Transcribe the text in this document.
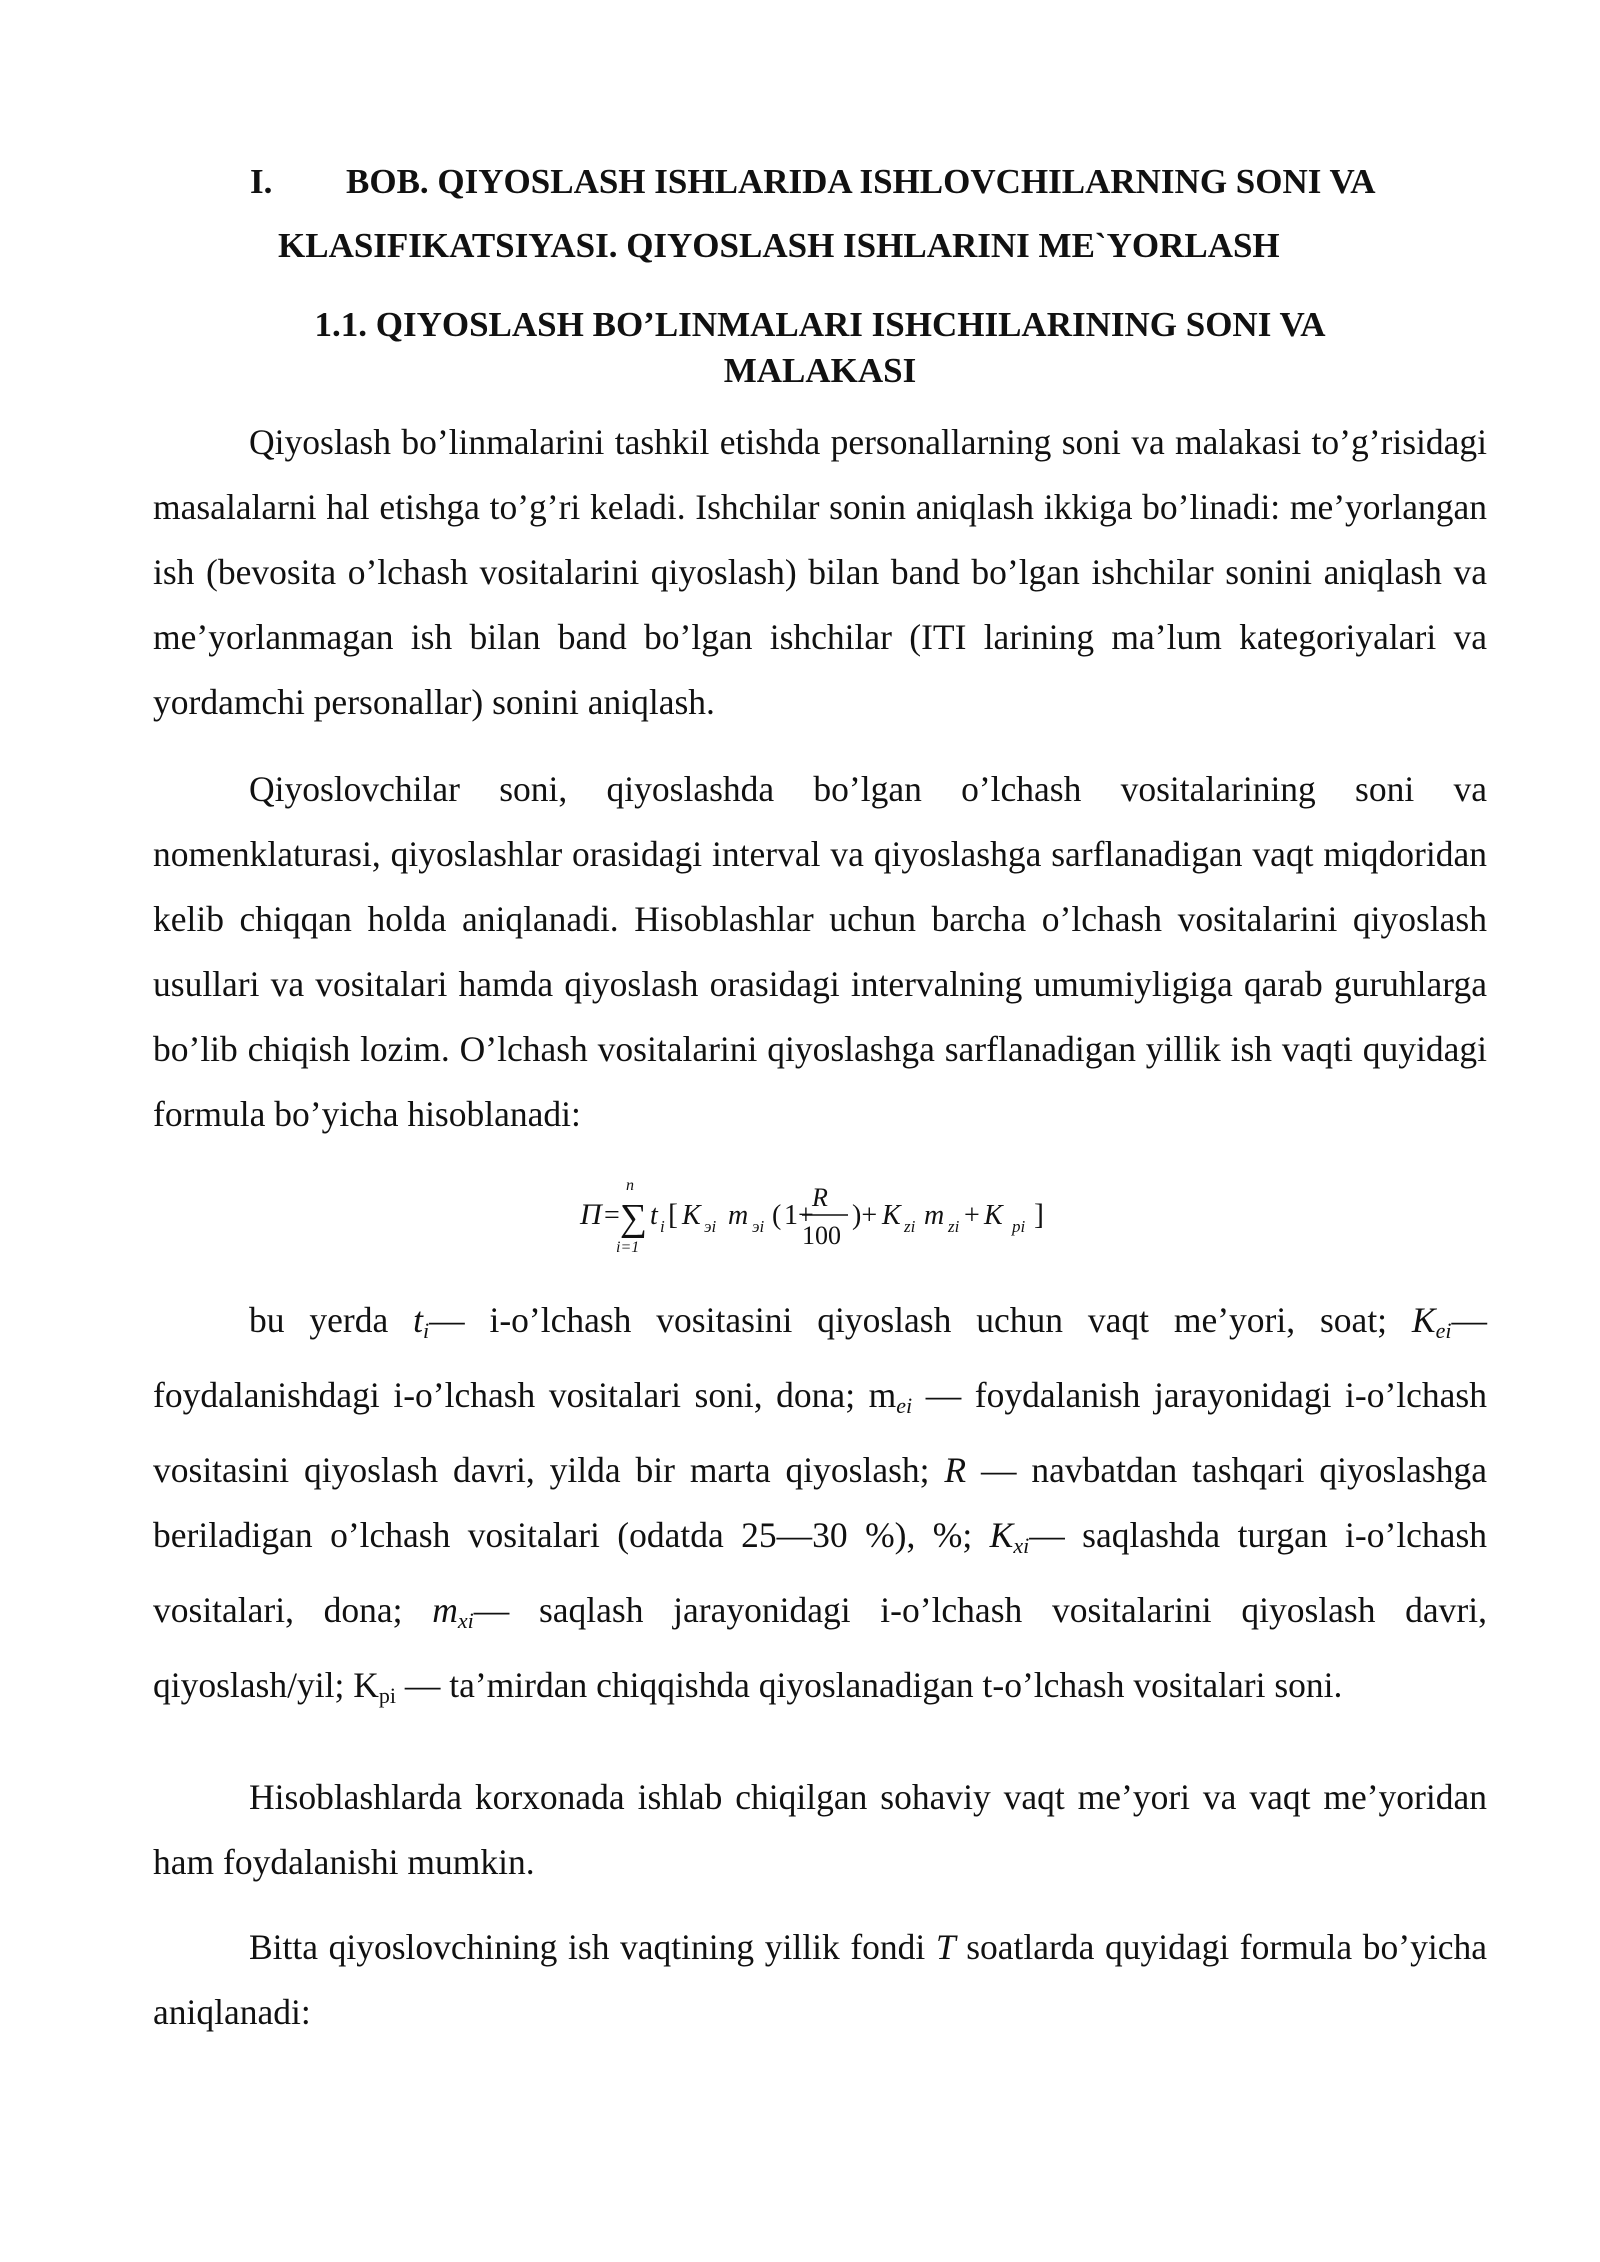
I. BOB. QIYOSLASH ISHLARIDA ISHLOVCHILARNING SONI VA
KLASIFIKATSIYASI. QIYOSLASH ISHLARINI ME`YORLASH
1.1. QIYOSLASH BO’LINMALARI ISHCHILARINING SONI VA
MALAKASI

Qiyoslash bo’linmalarini tashkil etishda personallarning soni va malakasi to’g’risidagi masalalarni hal etishga to’g’ri keladi. Ishchilar sonin aniqlash ikkiga bo’linadi: me’yorlangan ish (bevosita o’lchash vositalarini qiyoslash) bilan band bo’lgan ishchilar sonini aniqlash va me’yorlanmagan ish bilan band bo’lgan ishchilar (ITI larining ma’lum kategoriyalari va yordamchi personallar) sonini aniqlash.

Qiyoslovchilar soni, qiyoslashda bo’lgan o’lchash vositalarining soni va nomenklaturasi, qiyoslashlar orasidagi interval va qiyoslashga sarflanadigan vaqt miqdoridan kelib chiqqan holda aniqlanadi. Hisoblashlar uchun barcha o’lchash vositalarini qiyoslash usullari va vositalari hamda qiyoslash orasidagi intervalning umumiyligiga qarab guruhlarga bo’lib chiqish lozim. O’lchash vositalarini qiyoslashga sarflanadigan yillik ish vaqti quyidagi formula bo’yicha hisoblanadi:

П = ∑
n
i=1
t i [ K эi m эi ( 1+
R
100
)+ K zi m zi + K pi ]

bu yerda $t_i—$ i-o’lchash vositasini qiyoslash uchun vaqt me’yori, soat; $K_{ei}—$ foydalanishdagi i-o’lchash vositalari soni, dona; $m_{ei}$ — foydalanish jarayonidagi i-o’lchash vositasini qiyoslash davri, yilda bir marta qiyoslash; R — navbatdan tashqari qiyoslashga beriladigan o’lchash vositalari (odatda 25—30 %), %; $K_{xi}—$ saqlashda turgan i-o’lchash vositalari, dona; $m_{xi}—$ saqlash jarayonidagi i-o’lchash vositalarini qiyoslash davri, qiyoslash/yil; Kpi — ta’mirdan chiqqishda qiyoslanadigan t-o’lchash vositalari soni.

Hisoblashlarda korxonada ishlab chiqilgan sohaviy vaqt me’yori va vaqt me’yoridan ham foydalanishi mumkin.

Bitta qiyoslovchining ish vaqtining yillik fondi T soatlarda quyidagi formula bo’yicha aniqlanadi:
